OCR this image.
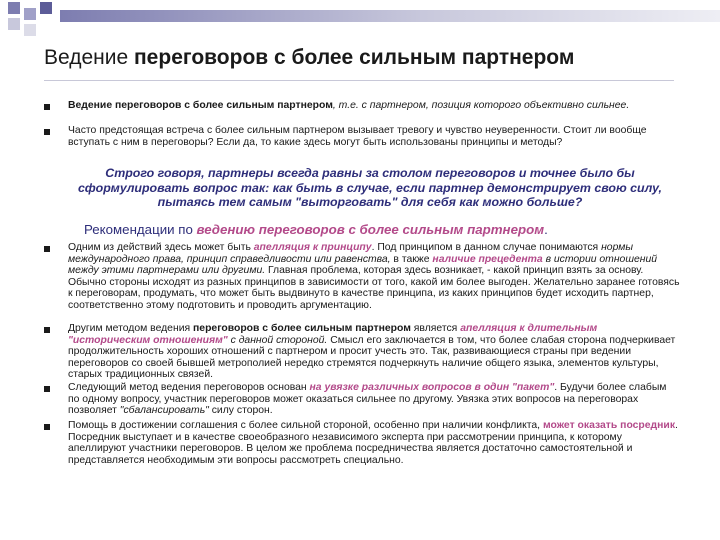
Ведение переговоров с более сильным партнером
Ведение переговоров с более сильным партнером, т.е. с партнером, позиция которого объективно сильнее.
Часто предстоящая встреча с более сильным партнером вызывает тревогу и чувство неуверенности. Стоит ли вообще вступать с ним в переговоры? Если да, то какие здесь могут быть использованы принципы и методы?
Строго говоря, партнеры всегда равны за столом переговоров и точнее было бы сформулировать вопрос так: как быть в случае, если партнер демонстрирует свою силу, пытаясь тем самым "выторговать" для себя как можно больше?
Рекомендации по ведению переговоров с более сильным партнером.
Одним из действий здесь может быть апелляция к принципу. Под принципом в данном случае понимаются нормы международного права, принцип справедливости или равенства, в также наличие прецедента в истории отношений между этими партнерами или другими. Главная проблема, которая здесь возникает, - какой принцип взять за основу. Обычно стороны исходят из разных принципов в зависимости от того, какой им более выгоден. Желательно заранее готовясь к переговорам, продумать, что может быть выдвинуто в качестве принципа, из каких принципов будет исходить партнер, соответственно этому подготовить и проводить аргументацию.
Другим методом ведения переговоров с более сильным партнером является апелляция к длительным "историческим отношениям" с данной стороной. Смысл его заключается в том, что более слабая сторона подчеркивает продолжительность хороших отношений с партнером и просит учесть это. Так, развивающиеся страны при ведении переговоров со своей бывшей метрополией нередко стремятся подчеркнуть наличие общего языка, элементов культуры, старых традиционных связей.
Следующий метод ведения переговоров основан на увязке различных вопросов в один "пакет". Будучи более слабым по одному вопросу, участник переговоров может оказаться сильнее по другому. Увязка этих вопросов на переговорах позволяет "сбалансировать" силу сторон.
Помощь в достижении соглашения с более сильной стороной, особенно при наличии конфликта, может оказать посредник. Посредник выступает и в качестве своеобразного независимого эксперта при рассмотрении принципа, к которому апеллируют участники переговоров. В целом же проблема посредничества является достаточно самостоятельной и представляется необходимым эти вопросы рассмотреть специально.
